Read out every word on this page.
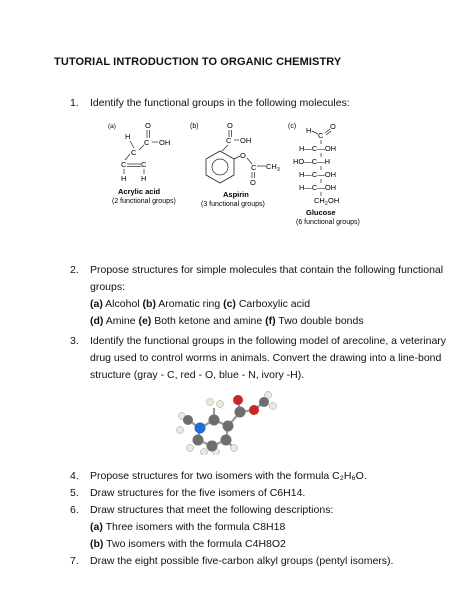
TUTORIAL INTRODUCTION TO ORGANIC CHEMISTRY
1. Identify the functional groups in the following molecules:
(a)	O
H
C OH
C
C C
H H
Acrylic acid
(2 functional groups)
(b)	O
C OH
O
C CH 3
O
Aspirin
(3 functional groups)
(c) H
C
O
H—C—OH
HO—C—H
H—C—OH
H—C—OH
CH 2 OH
Glucose
(6 functional groups)
2. Propose structures for simple molecules that contain the following functional
groups:
(a) Alcohol (b) Aromatic ring (c) Carboxylic acid
(d) Amine (e) Both ketone and amine (f) Two double bonds
3. Identify the functional groups in the following model of arecoline, a veterinary
drug used to control worms in animals. Convert the drawing into a line-bond
structure (gray - C, red - O, blue - N, ivory -H).
4. Propose structures for two isomers with the formula C₂H₆O.
5. Draw structures for the five isomers of C6H14.
6. Draw structures that meet the following descriptions:
(a) Three isomers with the formula C8H18
(b) Two isomers with the formula C4H8O2
7. Draw the eight possible five-carbon alkyl groups (pentyl isomers).
